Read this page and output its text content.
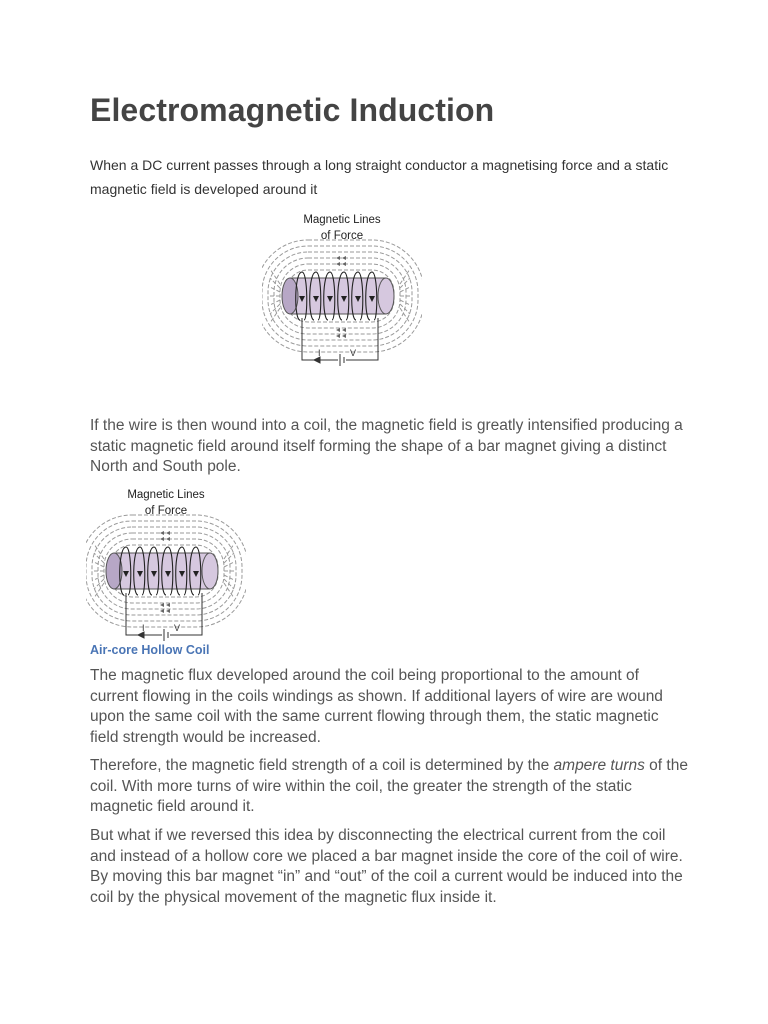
Electromagnetic Induction

When a DC current passes through a long straight conductor a magnetising force and a static magnetic field is developed around it

Magnetic Lines
of Force
I	V

If the wire is then wound into a coil, the magnetic field is greatly intensified producing a static magnetic field around itself forming the shape of a bar magnet giving a distinct North and South pole.

Magnetic Lines
of Force
I	V

Air-core Hollow Coil

The magnetic flux developed around the coil being proportional to the amount of current flowing in the coils windings as shown. If additional layers of wire are wound upon the same coil with the same current flowing through them, the static magnetic field strength would be increased.

Therefore, the magnetic field strength of a coil is determined by the ampere turns of the coil. With more turns of wire within the coil, the greater the strength of the static magnetic field around it.

But what if we reversed this idea by disconnecting the electrical current from the coil and instead of a hollow core we placed a bar magnet inside the core of the coil of wire. By moving this bar magnet “in” and “out” of the coil a current would be induced into the coil by the physical movement of the magnetic flux inside it.
